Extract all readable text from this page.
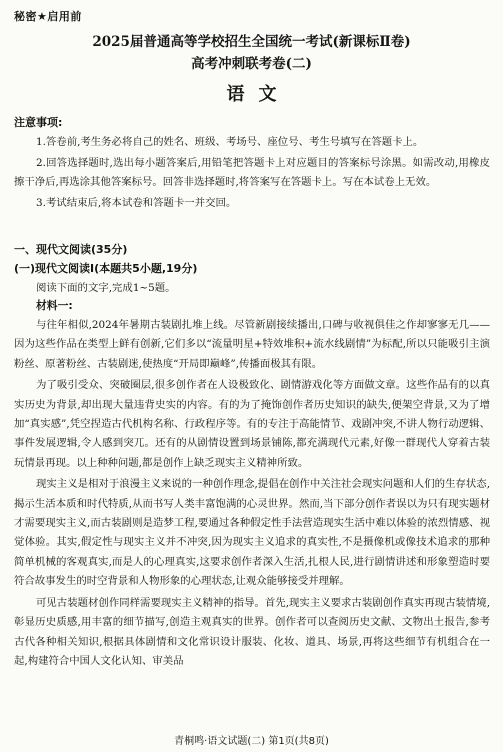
秘密★启用前
2025届普通高等学校招生全国统一考试(新课标Ⅱ卷)
高考冲刺联考卷(二)
语文
注意事项:

1.答卷前,考生务必将自己的姓名、班级、考场号、座位号、考生号填写在答题卡上。

2.回答选择题时,选出每小题答案后,用铅笔把答题卡上对应题目的答案标号涂黑。如需改动,用橡皮擦干净后,再选涂其他答案标号。回答非选择题时,将答案写在答题卡上。写在本试卷上无效。

3.考试结束后,将本试卷和答题卡一并交回。

一、现代文阅读(35分)
(一)现代文阅读Ⅰ(本题共5小题,19分)
阅读下面的文字,完成1~5题。
材料一:

与往年相似,2024年暑期古装剧扎堆上线。尽管新剧接续播出,口碑与收视俱佳之作却寥寥无几——因为这些作品在类型上鲜有创新,它们多以“流量明星+特效堆积+流水线剧情”为标配,所以只能吸引主演粉丝、原著粉丝、古装剧迷,使热度“开局即巅峰”,传播面极其有限。

为了吸引受众、突破圈层,很多创作者在人设极致化、剧情游戏化等方面做文章。这些作品有的以真实历史为背景,却出现大量违背史实的内容。有的为了掩饰创作者历史知识的缺失,便架空背景,又为了增加“真实感”,凭空捏造古代机构名称、行政程序等。有的专注于高能情节、戏剧冲突,不讲人物行动逻辑、事件发展逻辑,令人感到突兀。还有的从剧情设置到场景铺陈,都充满现代元素,好像一群现代人穿着古装玩情景再现。以上种种问题,都是创作上缺乏现实主义精神所致。

现实主义是相对于浪漫主义来说的一种创作理念,提倡在创作中关注社会现实问题和人们的生存状态,揭示生活本质和时代特质,从而书写人类丰富饱满的心灵世界。然而,当下部分创作者误以为只有现实题材才需要现实主义,而古装剧则是造梦工程,要通过各种假定性手法营造现实生活中难以体验的浓烈情感、视觉体验。其实,假定性与现实主义并不冲突,因为现实主义追求的真实性,不是摄像机或像技术追求的那种简单机械的客观真实,而是人的心理真实,这要求创作者深入生活,扎根人民,进行剧情讲述和形象塑造时要符合故事发生的时空背景和人物形象的心理状态,让观众能够接受并理解。

可见古装题材创作同样需要现实主义精神的指导。首先,现实主义要求古装剧创作真实再现古装情境,彰显历史质感,用丰富的细节描写,创造主观真实的世界。创作者可以查阅历史文献、文物出土报告,参考古代各种相关知识,根据具体剧情和文化常识设计服装、化妆、道具、场景,再将这些细节有机组合在一起,构建符合中国人文化认知、审美品

青桐鸣·语文试题(二) 第1页(共8页)
